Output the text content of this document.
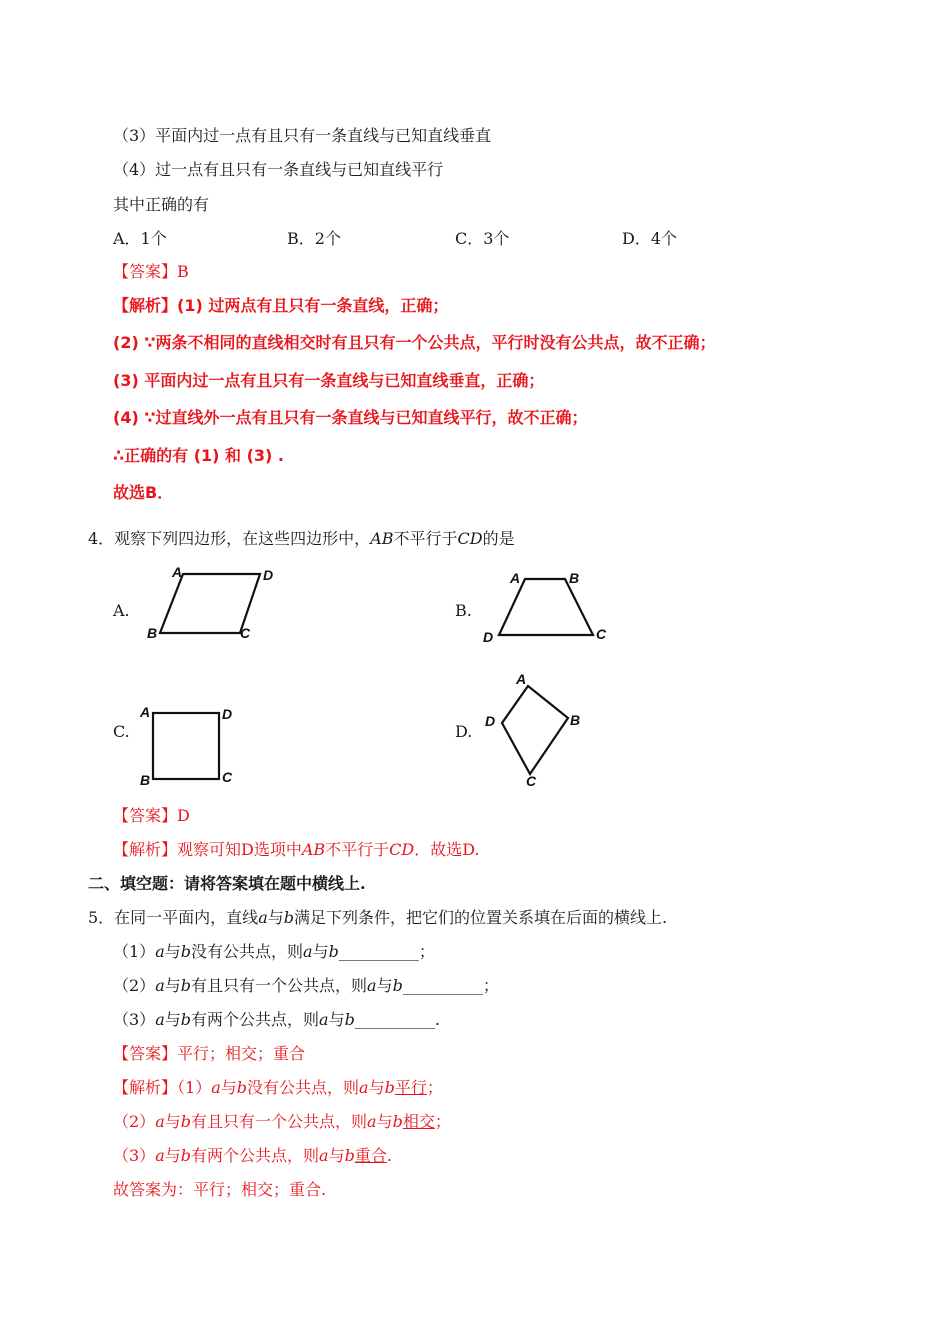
（3）平面内过一点有且只有一条直线与已知直线垂直
（4）过一点有且只有一条直线与已知直线平行
其中正确的有
A．1个	B．2个	C．3个	D．4个
【答案】B
【解析】(1) 过两点有且只有一条直线，正确；
(2) ∵两条不相同的直线相交时有且只有一个公共点，平行时没有公共点，故不正确；
(3) 平面内过一点有且只有一条直线与已知直线垂直，正确；
(4) ∵过直线外一点有且只有一条直线与已知直线平行，故不正确；
∴正确的有 (1) 和 (3) .
故选B．
4．观察下列四边形，在这些四边形中，AB不平行于CD的是
A.	B.
C.	D.
A	D
B	C
A	B
D	C
A	D
B	C
A
B
C
D
【答案】D
【解析】观察可知D选项中AB不平行于CD．故选D.
二、填空题：请将答案填在题中横线上.
5．在同一平面内，直线a与b满足下列条件，把它们的位置关系填在后面的横线上.
（1）a与b没有公共点，则a与b__________；
（2）a与b有且只有一个公共点，则a与b__________；
（3）a与b有两个公共点，则a与b__________.
【答案】平行；相交；重合
【解析】（1）a与b没有公共点，则a与b平行；
（2）a与b有且只有一个公共点，则a与b相交；
（3）a与b有两个公共点，则a与b重合.
故答案为：平行；相交；重合.
